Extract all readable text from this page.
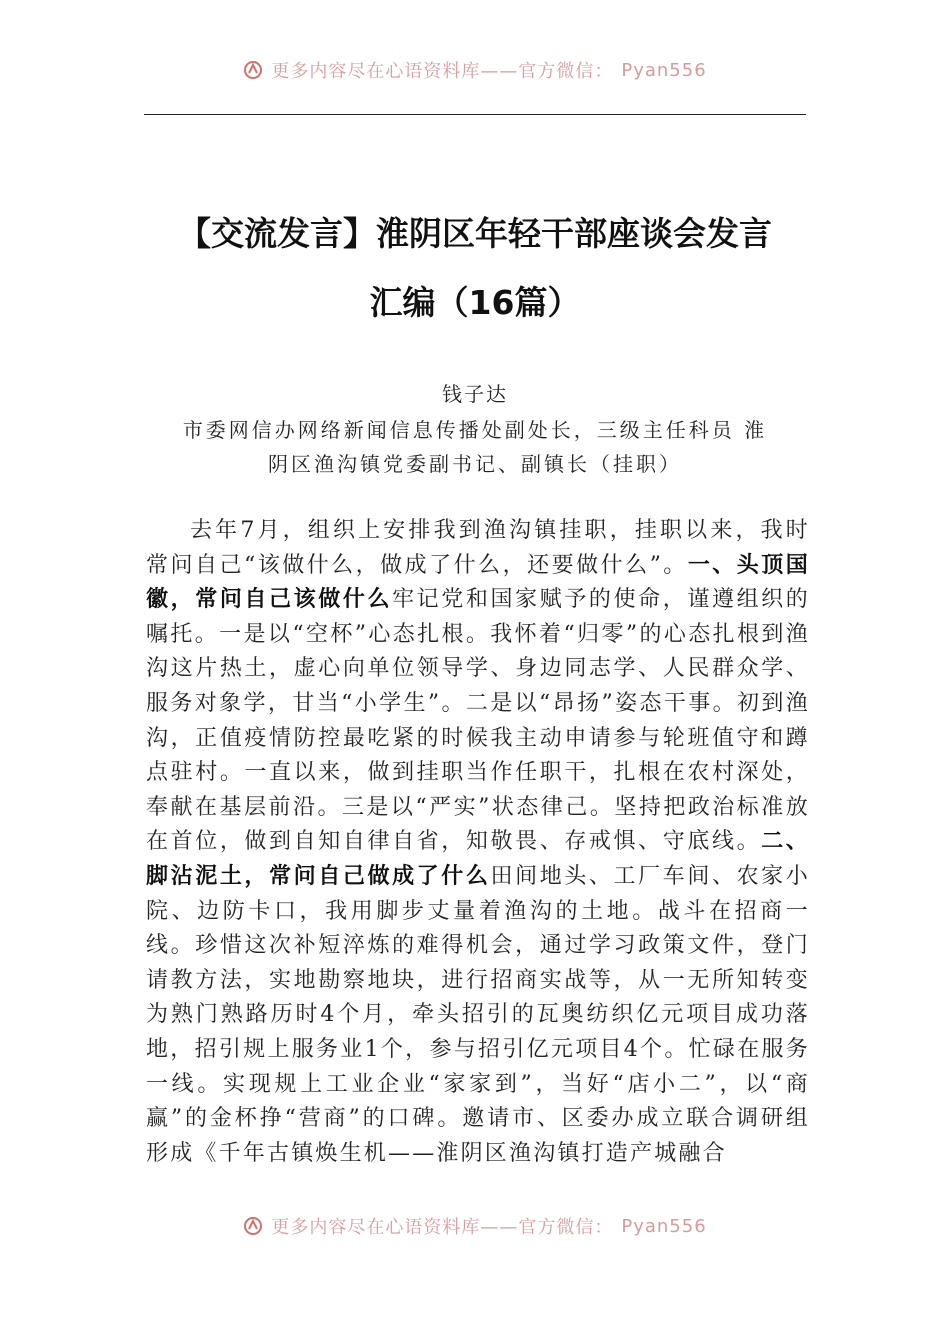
更多内容尽在心语资料库——官方微信： Pyan556
【交流发言】淮阴区年轻干部座谈会发言
汇编（16篇）
钱子达
市委网信办网络新闻信息传播处副处长，三级主任科员 淮
阴区渔沟镇党委副书记、副镇长（挂职）

去年7月，组织上安排我到渔沟镇挂职，挂职以来，我时常问自己“该做什么，做成了什么，还要做什么”。一、头顶国徽，常问自己该做什么牢记党和国家赋予的使命，谨遵组织的嘱托。一是以“空杯”心态扎根。我怀着“归零”的心态扎根到渔沟这片热土，虚心向单位领导学、身边同志学、人民群众学、服务对象学，甘当“小学生”。二是以“昂扬”姿态干事。初到渔沟，正值疫情防控最吃紧的时候我主动申请参与轮班值守和蹲点驻村。一直以来，做到挂职当作任职干，扎根在农村深处，奉献在基层前沿。三是以“严实”状态律己。坚持把政治标准放在首位，做到自知自律自省，知敬畏、存戒惧、守底线。二、脚沾泥土，常问自己做成了什么田间地头、工厂车间、农家小院、边防卡口，我用脚步丈量着渔沟的土地。战斗在招商一线。珍惜这次补短淬炼的难得机会，通过学习政策文件，登门请教方法，实地勘察地块，进行招商实战等，从一无所知转变为熟门熟路历时4个月，牵头招引的瓦奥纺织亿元项目成功落地，招引规上服务业1个，参与招引亿元项目4个。忙碌在服务一线。实现规上工业企业“家家到”，当好“店小二”，以“商赢”的金杯挣“营商”的口碑。邀请市、区委办成立联合调研组形成《千年古镇焕生机——淮阴区渔沟镇打造产城融合

更多内容尽在心语资料库——官方微信： Pyan556
